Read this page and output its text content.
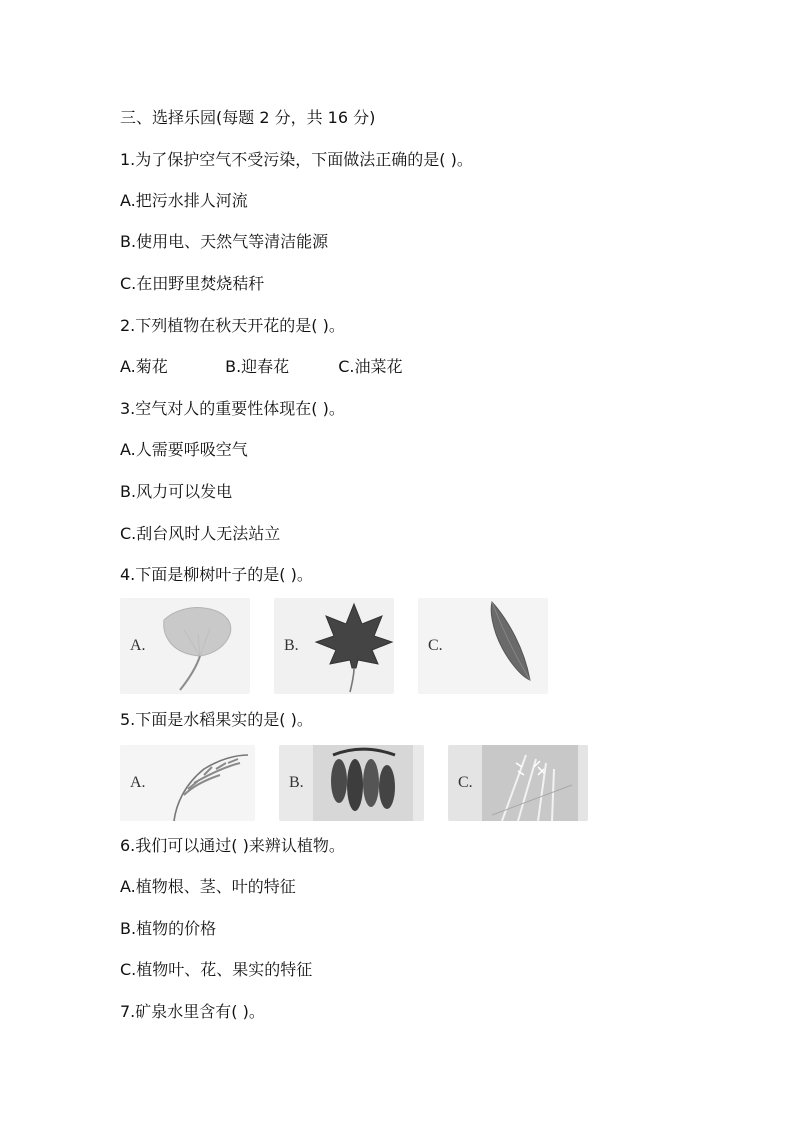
三、选择乐园(每题 2 分，共 16 分)
1.为了保护空气不受污染，下面做法正确的是( )。
A.把污水排人河流
B.使用电、天然气等清洁能源
C.在田野里焚烧秸秆
2.下列植物在秋天开花的是( )。
A.菊花	B.迎春花	C.油菜花
3.空气对人的重要性体现在( )。
A.人需要呼吸空气
B.风力可以发电
C.刮台风时人无法站立
4.下面是柳树叶子的是( )。
A.	B.	C.
5.下面是水稻果实的是( )。
A.	B.	C.
6.我们可以通过( )来辨认植物。
A.植物根、茎、叶的特征
B.植物的价格
C.植物叶、花、果实的特征
7.矿泉水里含有( )。
